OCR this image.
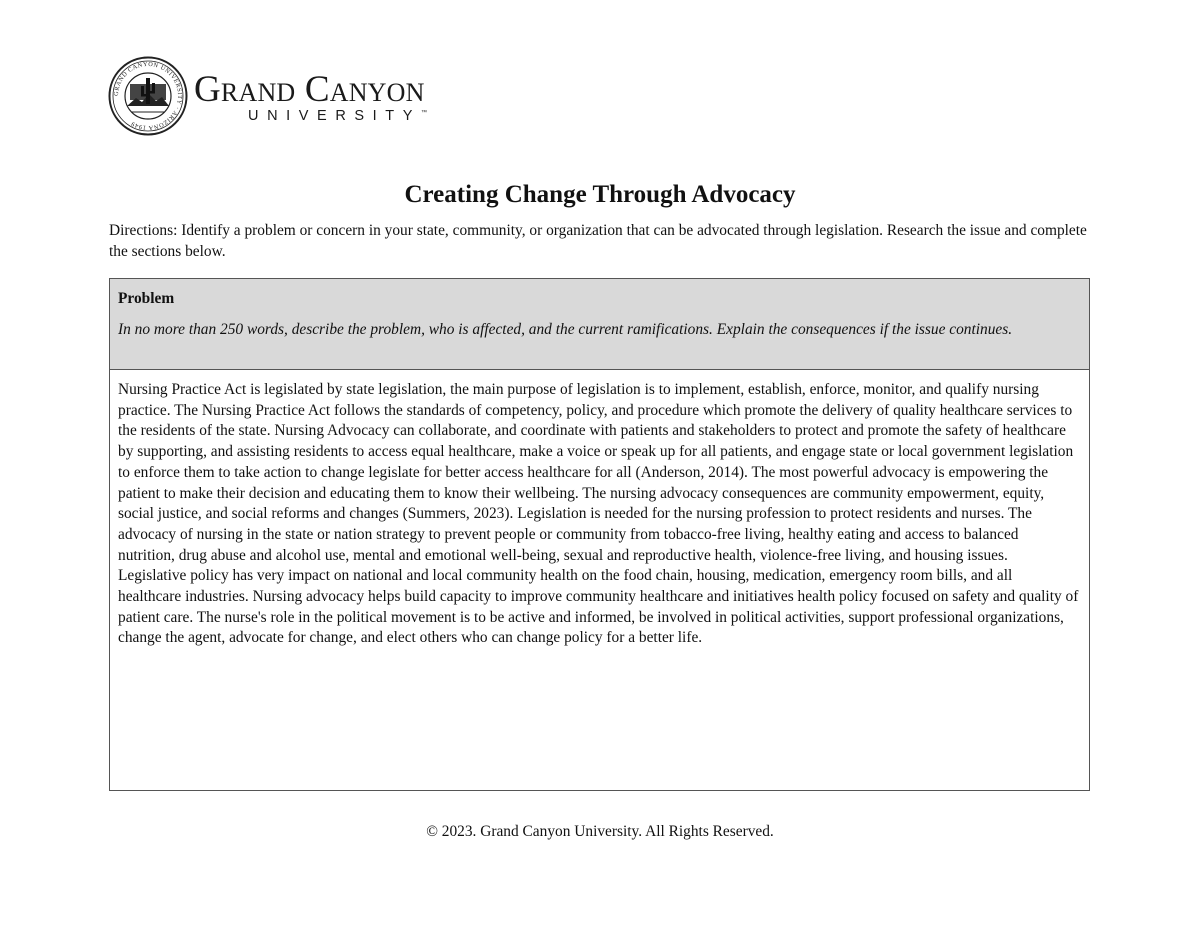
GRAND CANYON UNIVERSITY · ARIZONA 1949
Grand Canyon
UNIVERSITY™
Creating Change Through Advocacy
Directions: Identify a problem or concern in your state, community, or organization that can be advocated through legislation. Research the issue and complete the sections below.
Problem
In no more than 250 words, describe the problem, who is affected, and the current ramifications. Explain the consequences if the issue continues.
Nursing Practice Act is legislated by state legislation, the main purpose of legislation is to implement, establish, enforce, monitor, and qualify nursing practice. The Nursing Practice Act follows the standards of competency, policy, and procedure which promote the delivery of quality healthcare services to the residents of the state. Nursing Advocacy can collaborate, and coordinate with patients and stakeholders to protect and promote the safety of healthcare by supporting, and assisting residents to access equal healthcare, make a voice or speak up for all patients, and engage state or local government legislation to enforce them to take action to change legislate for better access healthcare for all (Anderson, 2014). The most powerful advocacy is empowering the patient to make their decision and educating them to know their wellbeing. The nursing advocacy consequences are community empowerment, equity, social justice, and social reforms and changes (Summers, 2023). Legislation is needed for the nursing profession to protect residents and nurses. The advocacy of nursing in the state or nation strategy to prevent people or community from tobacco-free living, healthy eating and access to balanced nutrition, drug abuse and alcohol use, mental and emotional well-being, sexual and reproductive health, violence-free living, and housing issues. Legislative policy has very impact on national and local community health on the food chain, housing, medication, emergency room bills, and all healthcare industries. Nursing advocacy helps build capacity to improve community healthcare and initiatives health policy focused on safety and quality of patient care. The nurse's role in the political movement is to be active and informed, be involved in political activities, support professional organizations, change the agent, advocate for change, and elect others who can change policy for a better life.
© 2023. Grand Canyon University. All Rights Reserved.
